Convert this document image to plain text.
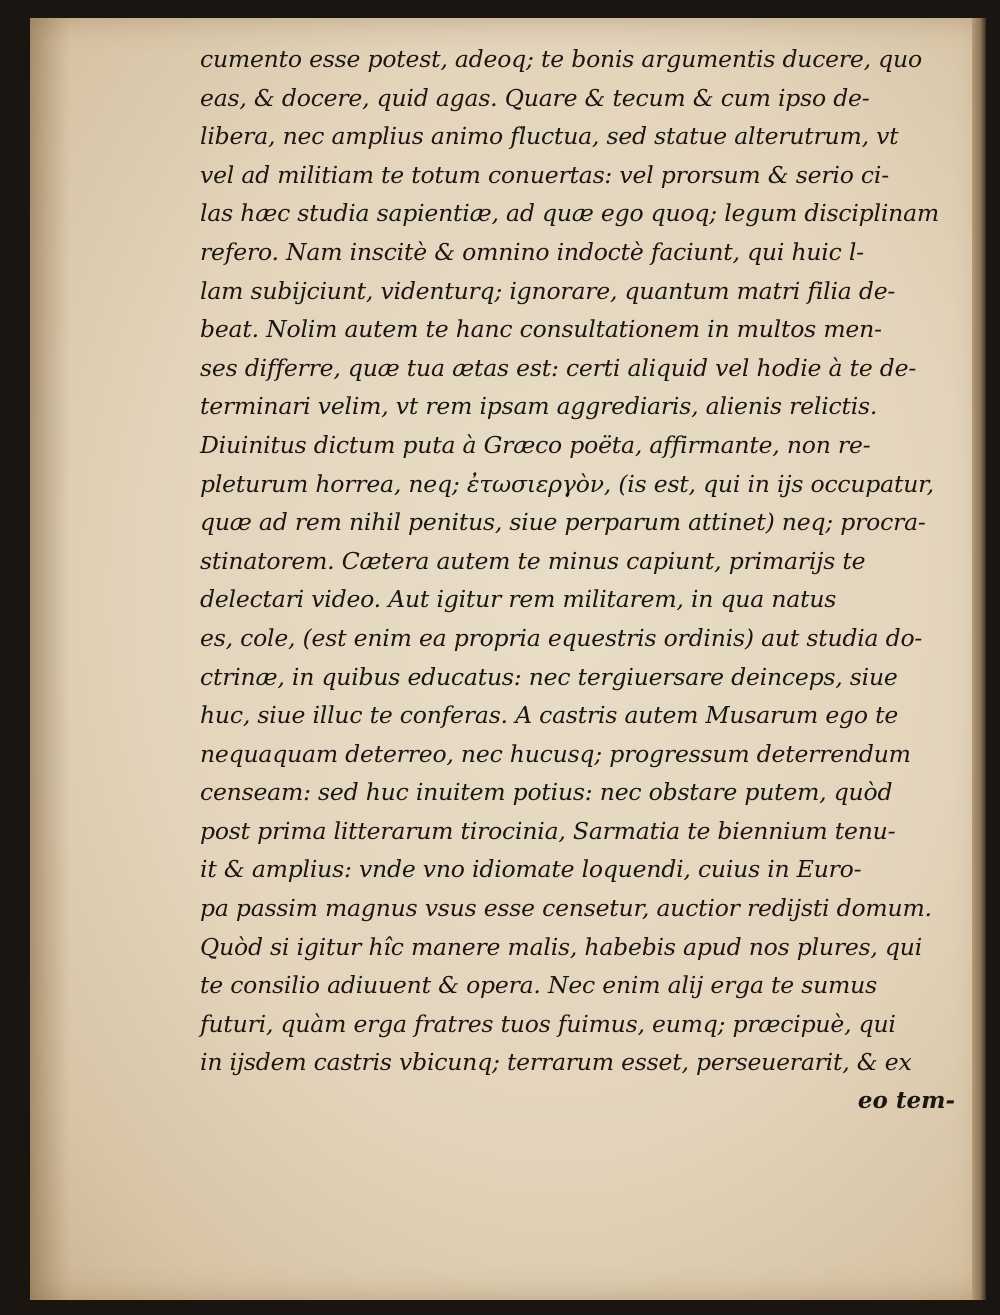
cumento esse potest, adeoq; te bonis argumentis ducere, quo
eas, & docere, quid agas. Quare & tecum & cum ipso de-
libera, nec amplius animo fluctua, sed statue alterutrum, vt
vel ad militiam te totum conuertas: vel prorsum & serio ci-
las hæc studia sapientiæ, ad quæ ego quoq; legum disciplinam
refero. Nam inscitè & omnino indoctè faciunt, qui huic l-
lam subijciunt, videnturq; ignorare, quantum matri filia de-
beat. Nolim autem te hanc consultationem in multos men-
ses differre, quæ tua ætas est: certi aliquid vel hodie à te de-
terminari velim, vt rem ipsam aggrediaris, alienis relictis.
Diuinitus dictum puta à Græco poëta, affirmante, non re-
pleturum horrea, neq; ἐτωσιεργὸν, (is est, qui in ijs occupatur,
quæ ad rem nihil penitus, siue perparum attinet) neq; procra-
stinatorem. Cætera autem te minus capiunt, primarijs te
delectari video. Aut igitur rem militarem, in qua natus
es, cole, (est enim ea propria equestris ordinis) aut studia do-
ctrinæ, in quibus educatus: nec tergiuersare deinceps, siue
huc, siue illuc te conferas. A castris autem Musarum ego te
nequaquam deterreo, nec hucusq; progressum deterrendum
censeam: sed huc inuitem potius: nec obstare putem, quòd
post prima litterarum tirocinia, Sarmatia te biennium tenu-
it & amplius: vnde vno idiomate loquendi, cuius in Euro-
pa passim magnus vsus esse censetur, auctior redijsti domum.
Quòd si igitur hîc manere malis, habebis apud nos plures, qui
te consilio adiuuent & opera. Nec enim alij erga te sumus
futuri, quàm erga fratres tuos fuimus, eumq; præcipuè, qui
in ijsdem castris vbicunq; terrarum esset, perseuerarit, & ex
eo tem-
